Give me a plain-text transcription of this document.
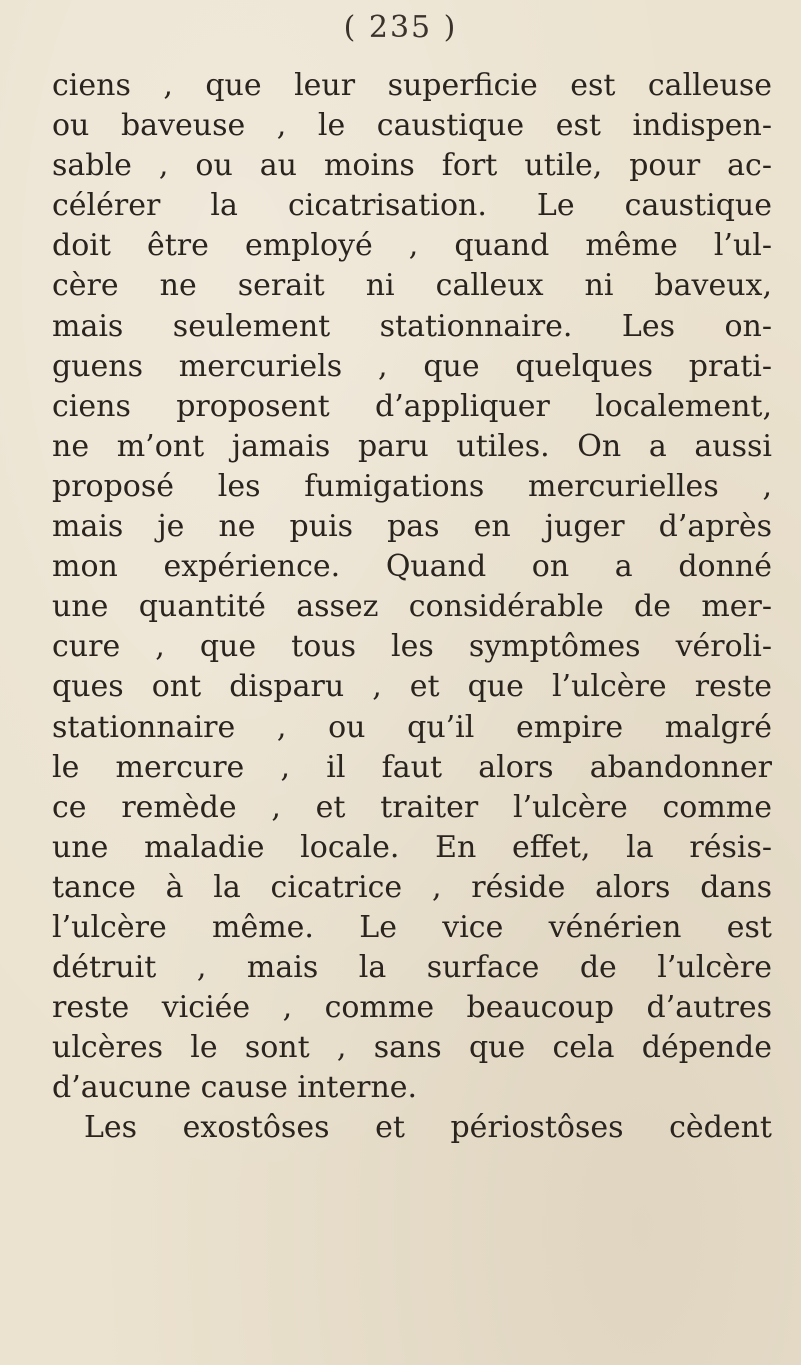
( 235 )
ciens , que leur superficie est calleuse
ou baveuse , le caustique est indispen-
sable , ou au moins fort utile, pour ac-
célérer la cicatrisation. Le caustique
doit être employé , quand même l’ul-
cère ne serait ni calleux ni baveux,
mais seulement stationnaire. Les on-
guens mercuriels , que quelques prati-
ciens proposent d’appliquer localement,
ne m’ont jamais paru utiles. On a aussi
proposé les fumigations mercurielles ,
mais je ne puis pas en juger d’après
mon expérience. Quand on a donné
une quantité assez considérable de mer-
cure , que tous les symptômes véroli-
ques ont disparu , et que l’ulcère reste
stationnaire , ou qu’il empire malgré
le mercure , il faut alors abandonner
ce remède , et traiter l’ulcère comme
une maladie locale. En effet, la résis-
tance à la cicatrice , réside alors dans
l’ulcère même. Le vice vénérien est
détruit , mais la surface de l’ulcère
reste viciée , comme beaucoup d’autres
ulcères le sont , sans que cela dépende
d’aucune cause interne.
Les exostôses et périostôses cèdent
